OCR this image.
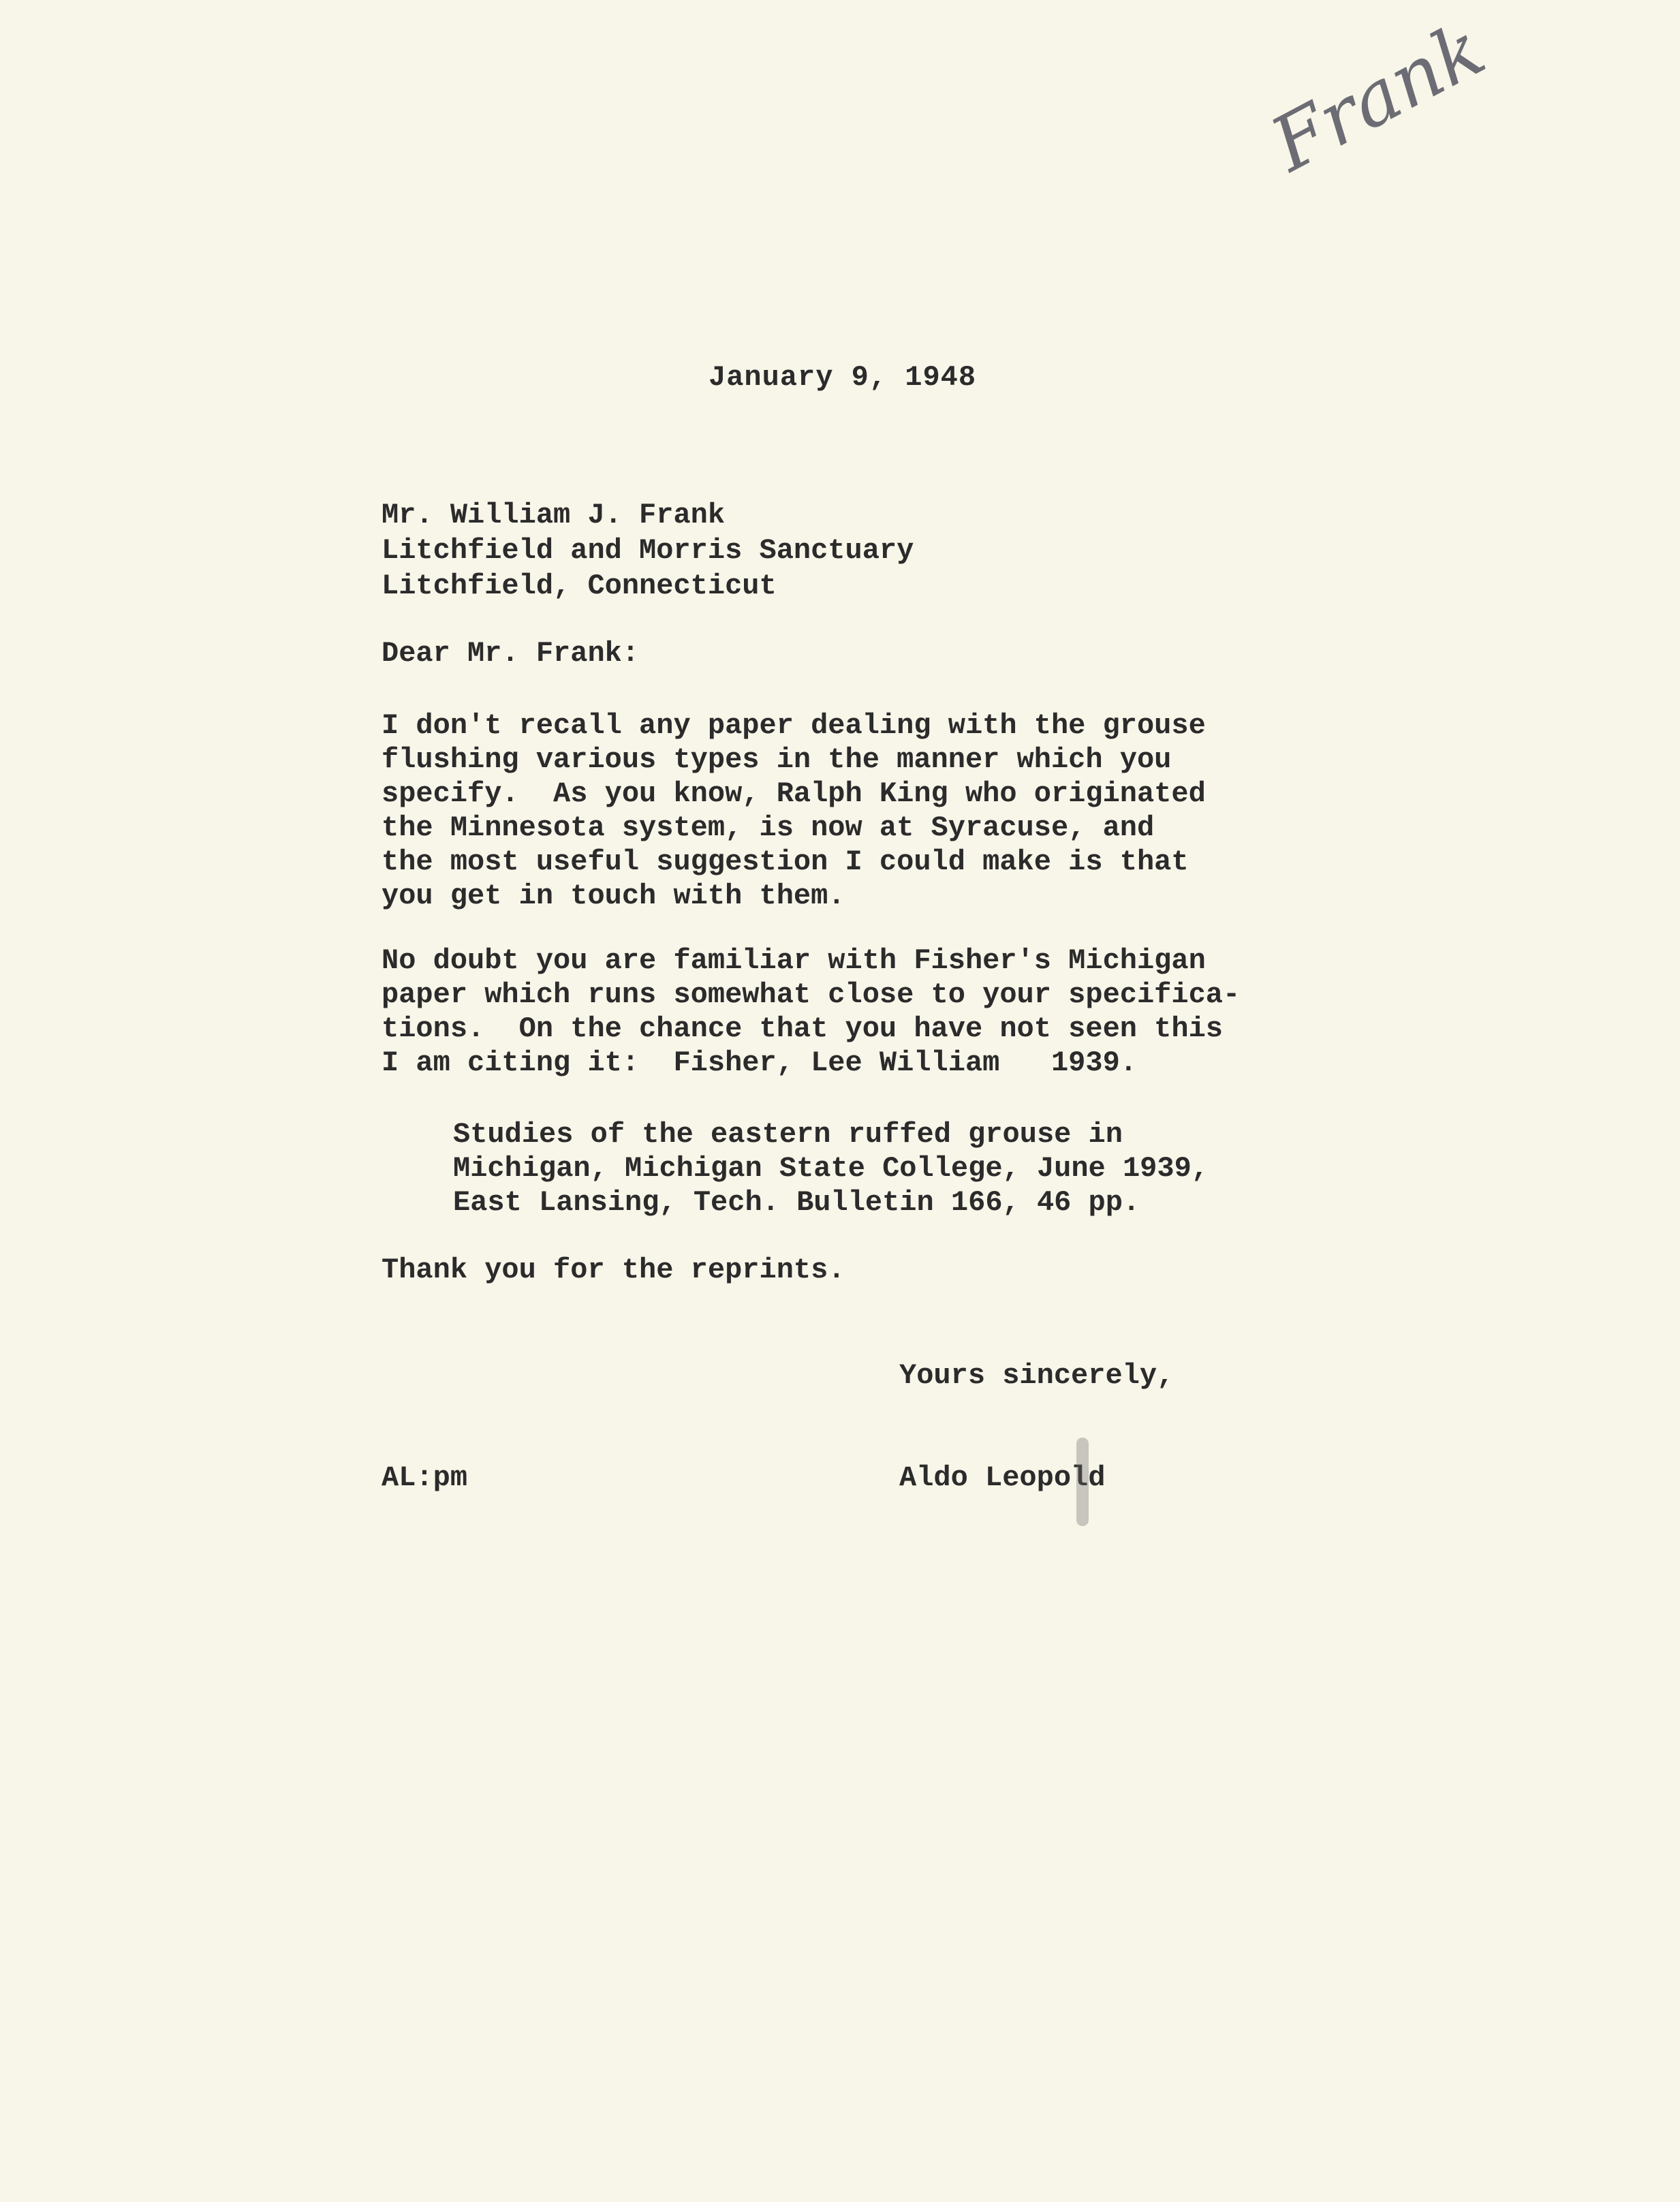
Frank
January 9, 1948
Mr. William J. Frank
Litchfield and Morris Sanctuary
Litchfield, Connecticut
Dear Mr. Frank:
I don't recall any paper dealing with the grouse
flushing various types in the manner which you
specify.  As you know, Ralph King who originated
the Minnesota system, is now at Syracuse, and
the most useful suggestion I could make is that
you get in touch with them.
No doubt you are familiar with Fisher's Michigan
paper which runs somewhat close to your specifica-
tions.  On the chance that you have not seen this
I am citing it:  Fisher, Lee William   1939.
Studies of the eastern ruffed grouse in
Michigan, Michigan State College, June 1939,
East Lansing, Tech. Bulletin 166, 46 pp.
Thank you for the reprints.
Yours sincerely,
AL:pm	Aldo Leopold
